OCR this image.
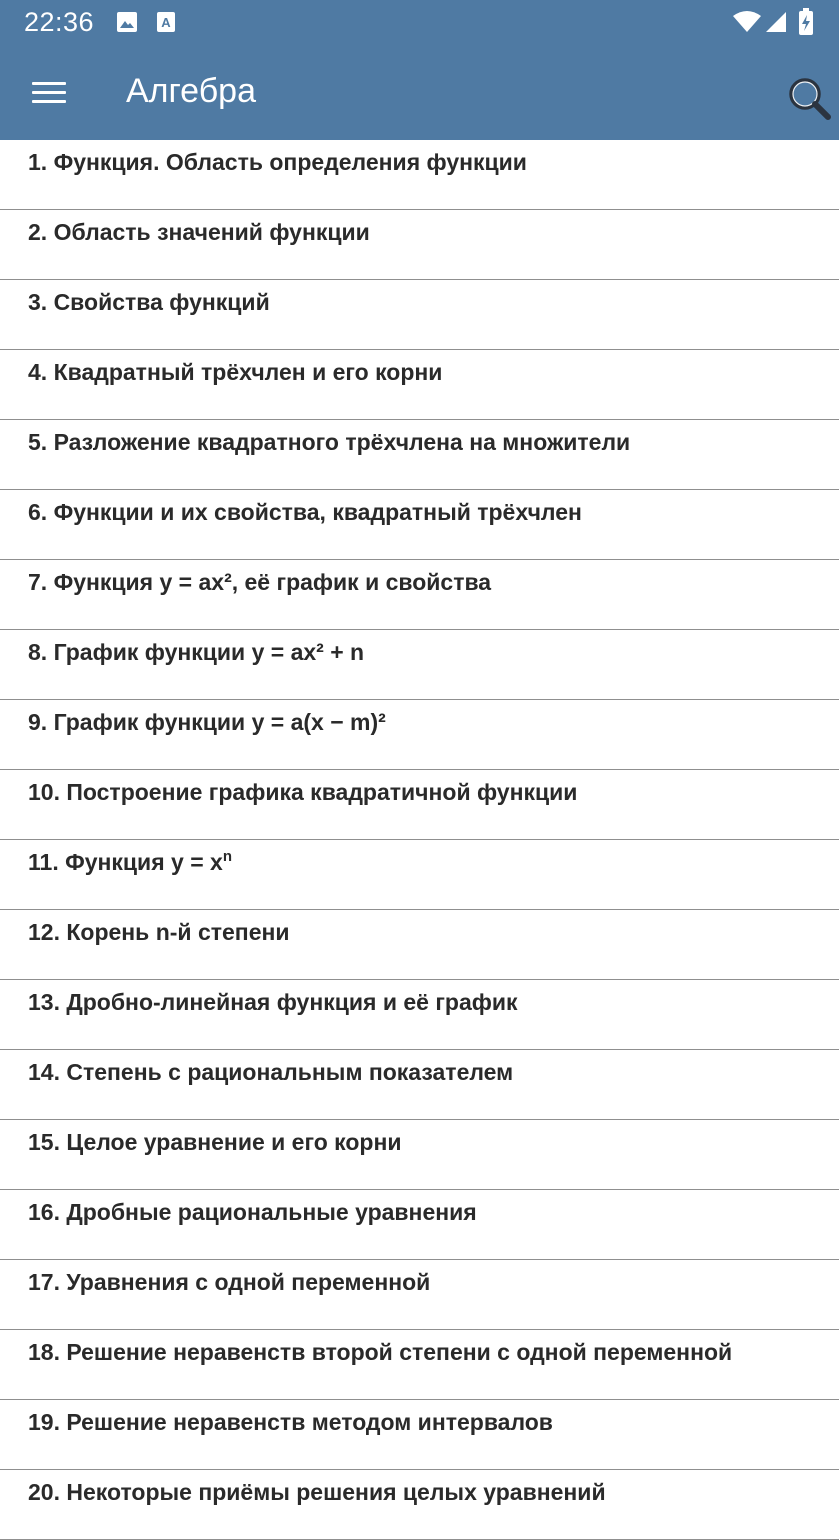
22:36	A
Алгебра
1. Функция. Область определения функции
2. Область значений функции
3. Свойства функций
4. Квадратный трёхчлен и его корни
5. Разложение квадратного трёхчлена на множители
6. Функции и их свойства, квадратный трёхчлен
7. Функция y = ax², её график и свойства
8. График функции y = ax² + n
9. График функции y = a(x − m)²
10. Построение графика квадратичной функции
11. Функция $y = x^n$
12. Корень n-й степени
13. Дробно-линейная функция и её график
14. Степень с рациональным показателем
15. Целое уравнение и его корни
16. Дробные рациональные уравнения
17. Уравнения с одной переменной
18. Решение неравенств второй степени с одной переменной
19. Решение неравенств методом интервалов
20. Некоторые приёмы решения целых уравнений
